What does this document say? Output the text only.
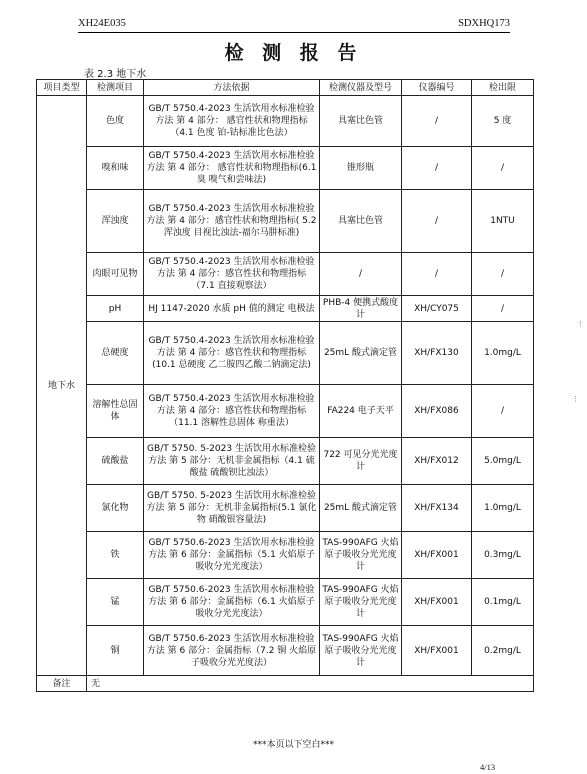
XH24E035	SDXHQ173
检 测 报 告
表 2.3 地下水
项目类型	检测项目	方法依据	检测仪器及型号	仪器编号	检出限
地下水	色度	GB/T 5750.4-2023 生活饮用水标准检验方法 第 4 部分： 感官性状和物理指标（4.1 色度 铂-钴标准比色法）	具塞比色管	/	5 度
	嗅和味	GB/T 5750.4-2023 生活饮用水标准检验方法 第 4 部分： 感官性状和物理指标(6.1 臭 嗅气和尝味法)	锥形瓶	/	/
	浑浊度	GB/T 5750.4-2023 生活饮用水标准检验方法 第 4 部分：感官性状和物理指标( 5.2 浑浊度 目视比浊法-福尔马肼标准)	具塞比色管	/	1NTU
	肉眼可见物	GB/T 5750.4-2023 生活饮用水标准检验方法 第 4 部分：感官性状和物理指标 （7.1 直接观察法）	/	/	/
	pH	HJ 1147-2020 水质 pH 值的测定 电极法	PHB-4 便携式酸度计	XH/CY075	/
	总硬度	GB/T 5750.4-2023 生活饮用水标准检验方法 第 4 部分：感官性状和物理指标(10.1 总硬度 乙二胺四乙酸二钠滴定法)	25mL 酸式滴定管	XH/FX130	1.0mg/L
	溶解性总固体	GB/T 5750.4-2023 生活饮用水标准检验方法 第 4 部分：感官性状和物理指标（11.1 溶解性总固体 称重法）	FA224 电子天平	XH/FX086	/
	硫酸盐	GB/T 5750. 5-2023 生活饮用水标准检验方法 第 5 部分：无机非金属指标（4.1 硫酸盐 硫酸钡比浊法）	722 可见分光光度计	XH/FX012	5.0mg/L
	氯化物	GB/T 5750. 5-2023 生活饮用水标准检验方法 第 5 部分：无机非金属指标(5.1 氯化物 硝酸银容量法)	25mL 酸式滴定管	XH/FX134	1.0mg/L
	铁	GB/T 5750.6-2023 生活饮用水标准检验方法 第 6 部分：金属指标（5.1 火焰原子吸收分光光度法）	TAS-990AFG 火焰原子吸收分光光度计	XH/FX001	0.3mg/L
	锰	GB/T 5750.6-2023 生活饮用水标准检验方法 第 6 部分：金属指标（6.1 火焰原子吸收分光光度法）	TAS-990AFG 火焰原子吸收分光光度计	XH/FX001	0.1mg/L
	铜	GB/T 5750.6-2023 生活饮用水标准检验方法 第 6 部分：金属指标（7.2 铜 火焰原子吸收分光光度法）	TAS-990AFG 火焰原子吸收分光光度计	XH/FX001	0.2mg/L
备注	无				
***本页以下空白***
4/13
⋮
⋮
